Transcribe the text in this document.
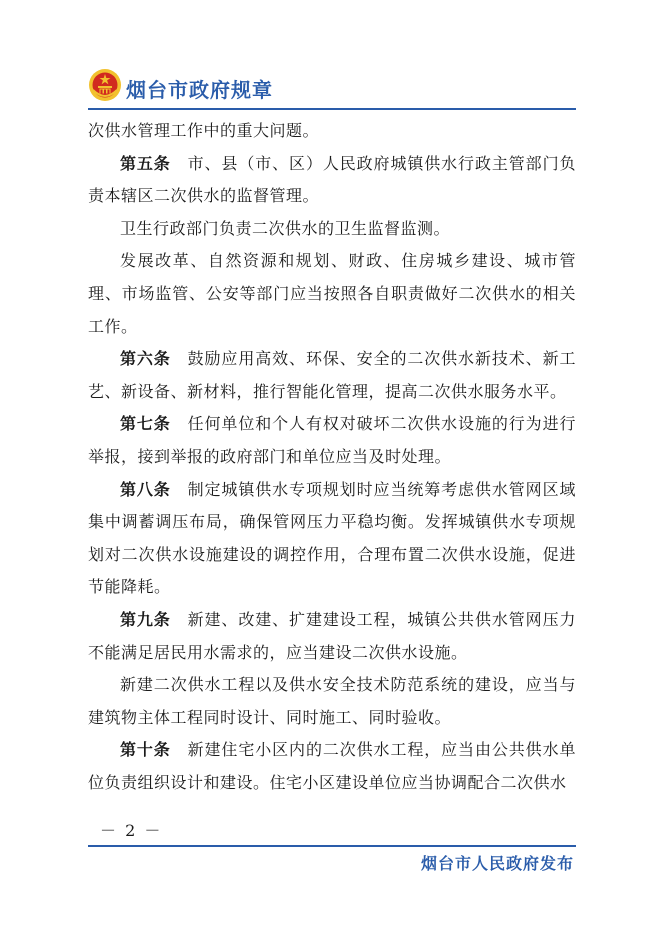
烟台市政府规章

次供水管理工作中的重大问题。

第五条　 市、县（市、区）人民政府城镇供水行政主管部门负责本辖区二次供水的监督管理。

卫生行政部门负责二次供水的卫生监督监测。

发展改革、自然资源和规划、财政、住房城乡建设、城市管理、市场监管、公安等部门应当按照各自职责做好二次供水的相关工作。

第六条　 鼓励应用高效、环保、安全的二次供水新技术、新工艺、新设备、新材料，推行智能化管理，提高二次供水服务水平。

第七条　 任何单位和个人有权对破坏二次供水设施的行为进行举报，接到举报的政府部门和单位应当及时处理。

第八条　 制定城镇供水专项规划时应当统筹考虑供水管网区域集中调蓄调压布局，确保管网压力平稳均衡。发挥城镇供水专项规划对二次供水设施建设的调控作用，合理布置二次供水设施，促进节能降耗。

第九条　 新建、改建、扩建建设工程，城镇公共供水管网压力不能满足居民用水需求的，应当建设二次供水设施。

新建二次供水工程以及供水安全技术防范系统的建设，应当与建筑物主体工程同时设计、同时施工、同时验收。

第十条　 新建住宅小区内的二次供水工程，应当由公共供水单位负责组织设计和建设。住宅小区建设单位应当协调配合二次供水

－ 2 －
烟台市人民政府发布
